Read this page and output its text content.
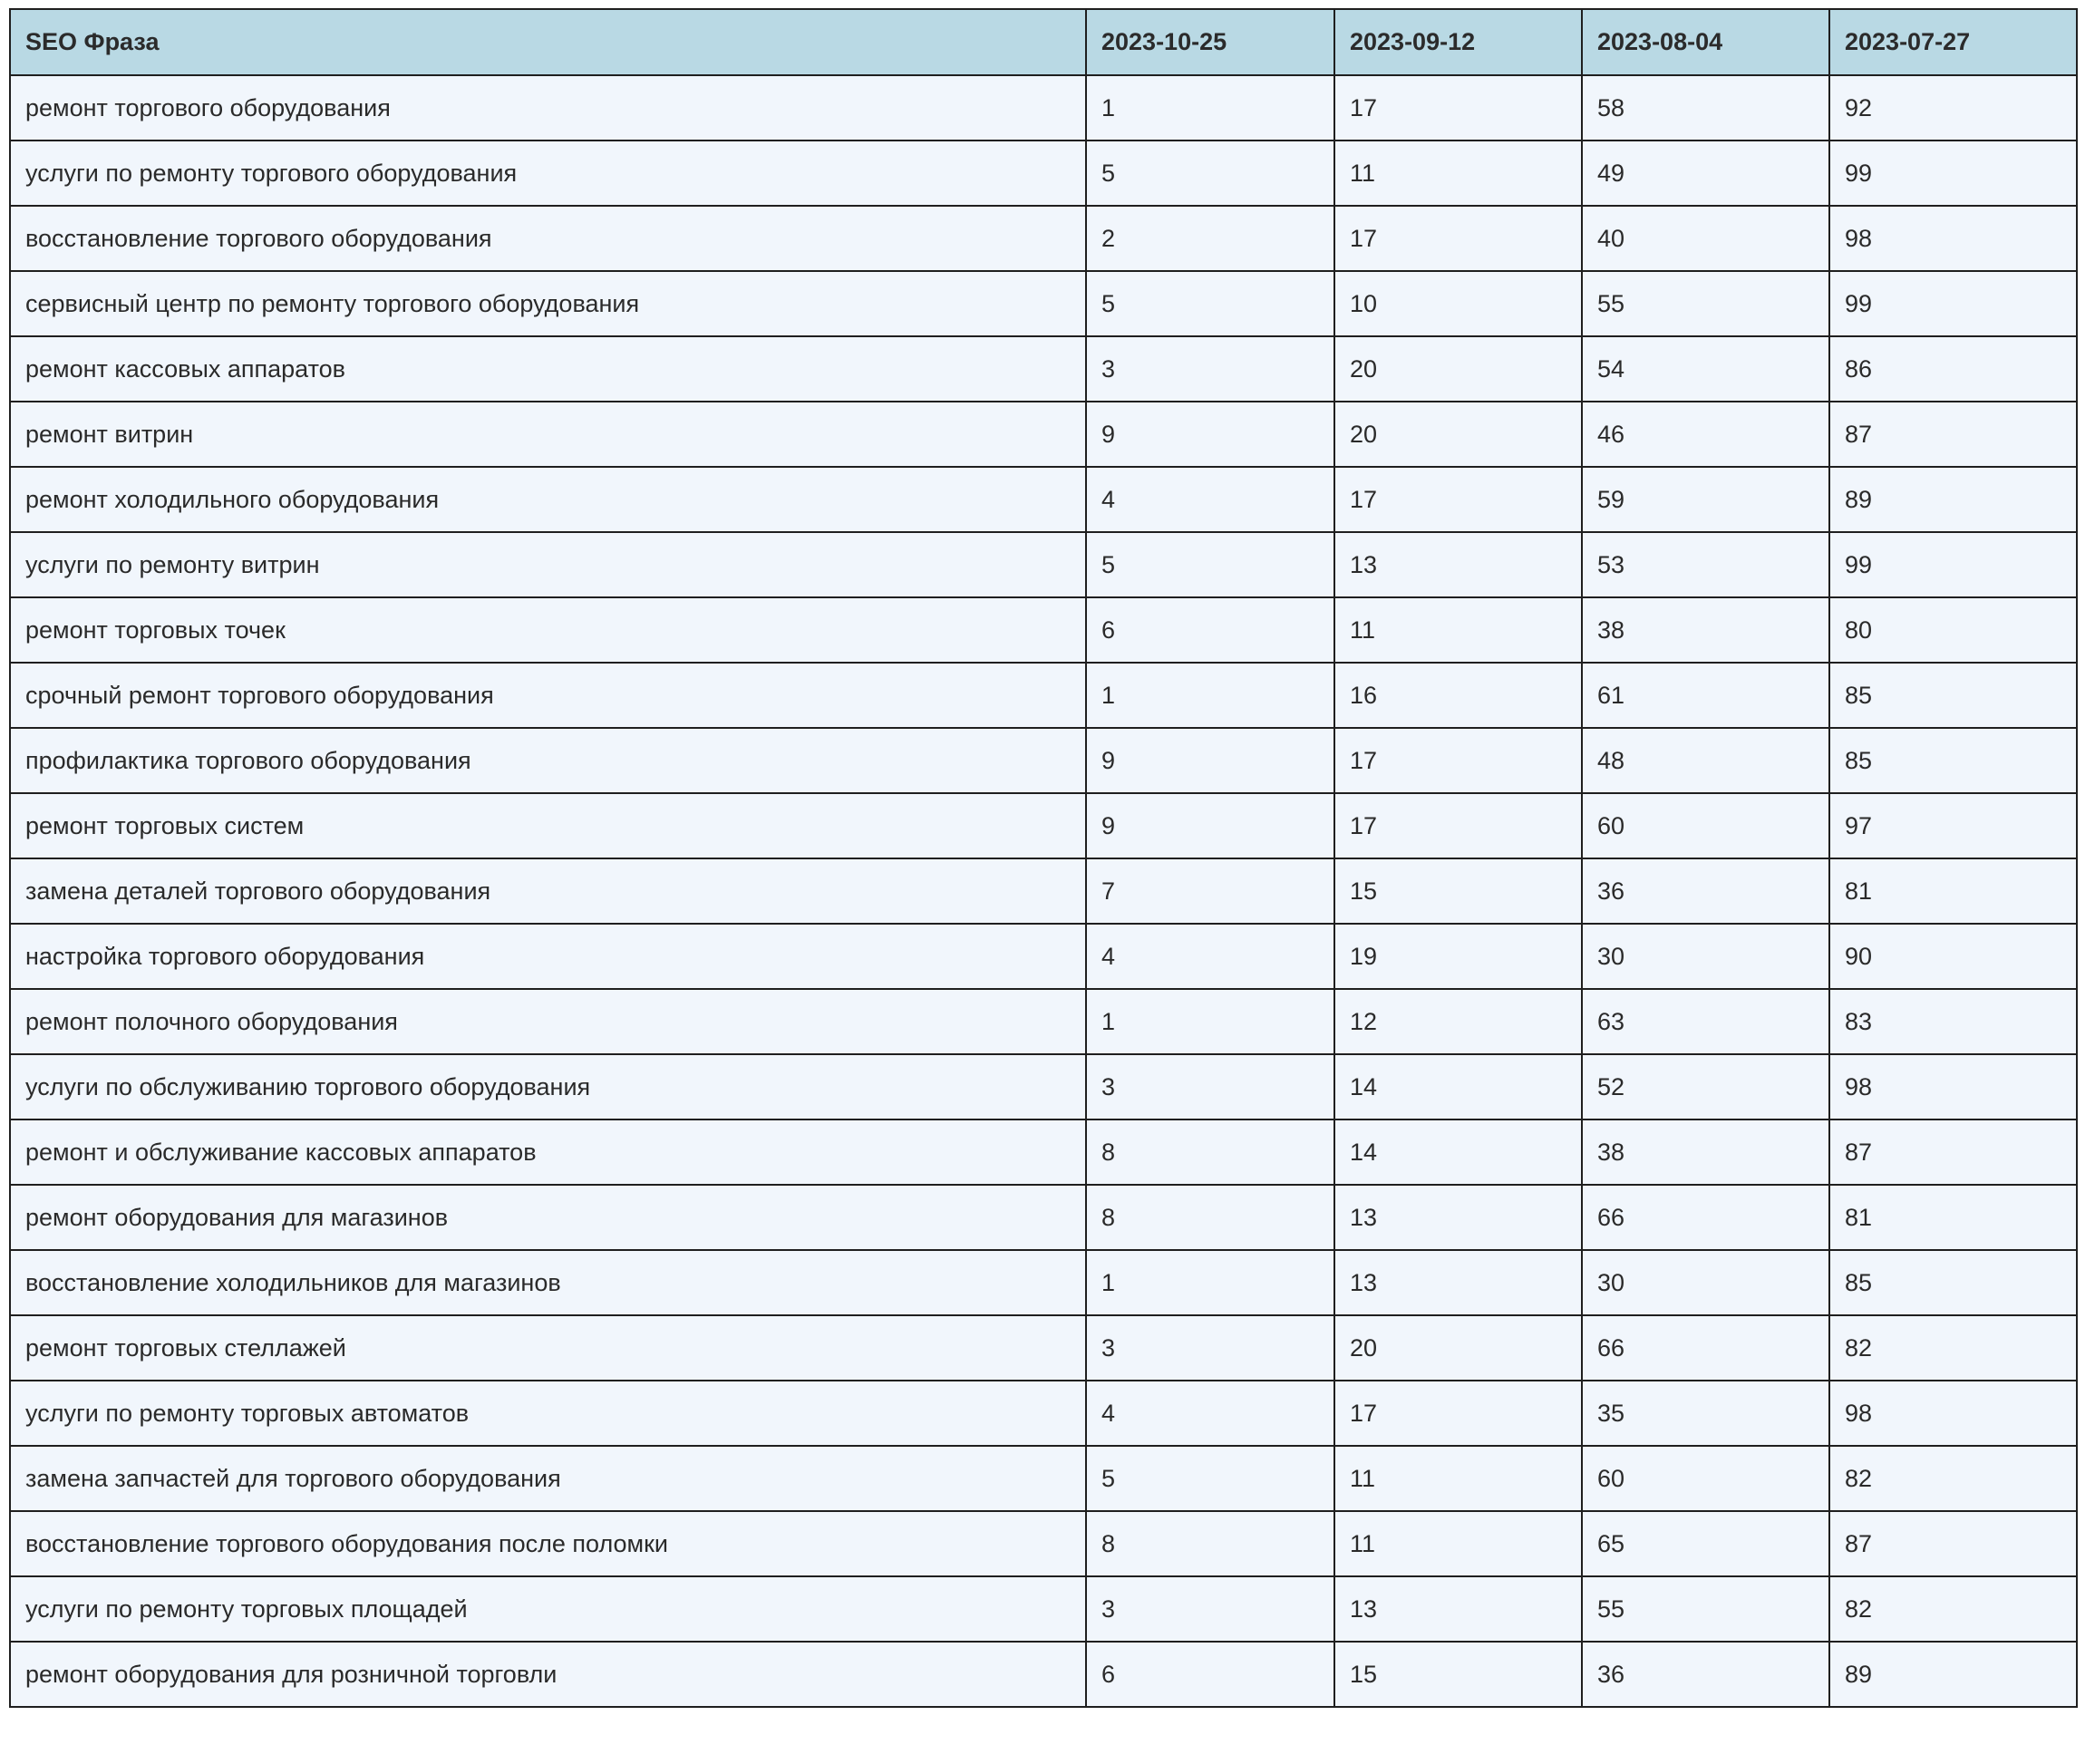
SEO Фраза	2023-10-25	2023-09-12	2023-08-04	2023-07-27
ремонт торгового оборудования	1	17	58	92
услуги по ремонту торгового оборудования	5	11	49	99
восстановление торгового оборудования	2	17	40	98
сервисный центр по ремонту торгового оборудования	5	10	55	99
ремонт кассовых аппаратов	3	20	54	86
ремонт витрин	9	20	46	87
ремонт холодильного оборудования	4	17	59	89
услуги по ремонту витрин	5	13	53	99
ремонт торговых точек	6	11	38	80
срочный ремонт торгового оборудования	1	16	61	85
профилактика торгового оборудования	9	17	48	85
ремонт торговых систем	9	17	60	97
замена деталей торгового оборудования	7	15	36	81
настройка торгового оборудования	4	19	30	90
ремонт полочного оборудования	1	12	63	83
услуги по обслуживанию торгового оборудования	3	14	52	98
ремонт и обслуживание кассовых аппаратов	8	14	38	87
ремонт оборудования для магазинов	8	13	66	81
восстановление холодильников для магазинов	1	13	30	85
ремонт торговых стеллажей	3	20	66	82
услуги по ремонту торговых автоматов	4	17	35	98
замена запчастей для торгового оборудования	5	11	60	82
восстановление торгового оборудования после поломки	8	11	65	87
услуги по ремонту торговых площадей	3	13	55	82
ремонт оборудования для розничной торговли	6	15	36	89
